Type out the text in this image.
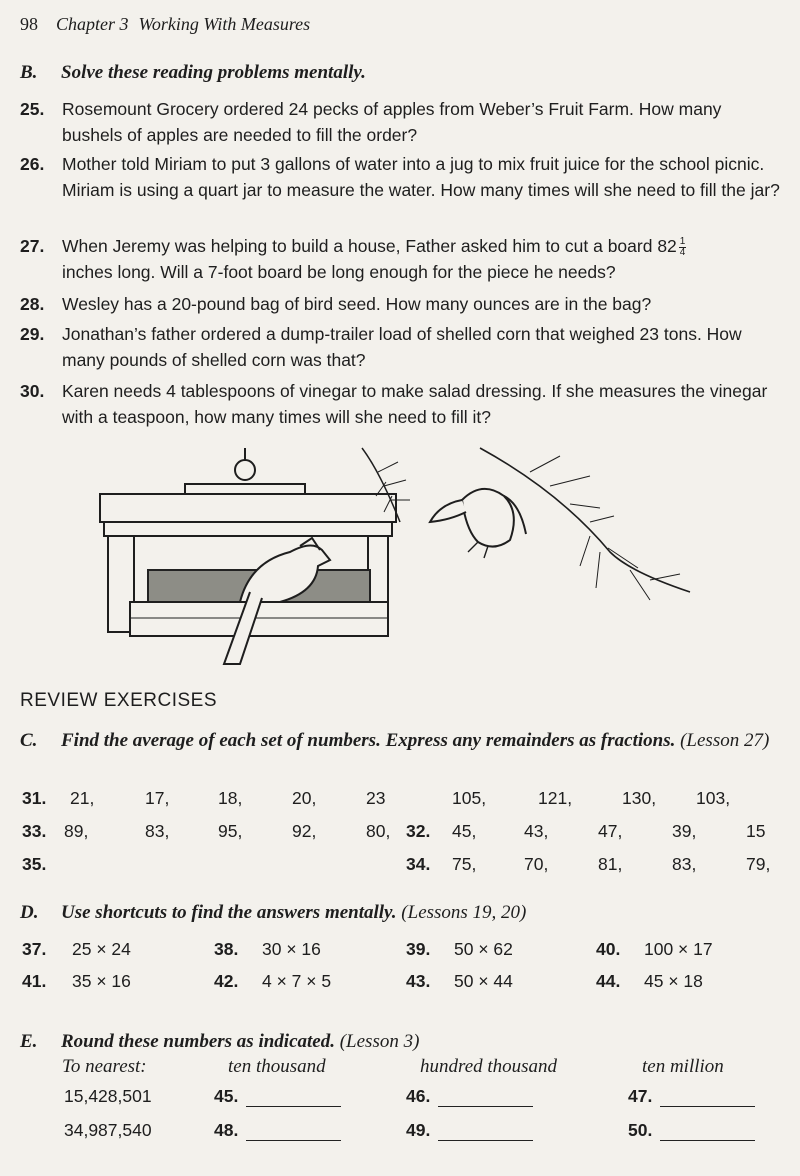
98 Chapter 3 Working With Measures
B. Solve these reading problems mentally.
25.	Rosemount Grocery ordered 24 pecks of apples from Weber’s Fruit Farm. How many bushels of apples are needed to fill the order?
26.	Mother told Miriam to put 3 gallons of water into a jug to mix fruit juice for the school picnic. Miriam is using a quart jar to measure the water. How many times will she need to fill the jar?
27.	When Jeremy was helping to build a house, Father asked him to cut a board $82 \frac{1}{4}$

inches long. Will a 7-foot board be long enough for the piece he needs?
28.	Wesley has a 20-pound bag of bird seed. How many ounces are in the bag?
29.	Jonathan’s father ordered a dump-trailer load of shelled corn that weighed 23 tons. How many pounds of shelled corn was that?
30.	Karen needs 4 tablespoons of vinegar to make salad dressing. If she measures the vinegar with a teaspoon, how many times will she need to fill it?
REVIEW EXERCISES
C. Find the average of each set of numbers. Express any remainders as fractions. (Lesson 27)
31. 21,	17,	18,	20,	23	105,	121,	130, 103,
33. 89,	83,	95,	92,	80, 32. 45,	43,	47,	39,	15
35.	34. 75,	70,	81,	83,	79,
D. Use shortcuts to find the answers mentally. (Lessons 19, 20)
37. 25 × 24	38. 30 × 16	39. 50 × 62	40. 100 × 17
41. 35 × 16	42. 4 × 7 × 5	43. 50 × 44	44. 45 × 18
E. Round these numbers as indicated. (Lesson 3)
To nearest:	ten thousand	hundred thousand	ten million
15,428,501	45.	46.	47.
34,987,540	48.	49.	50.
